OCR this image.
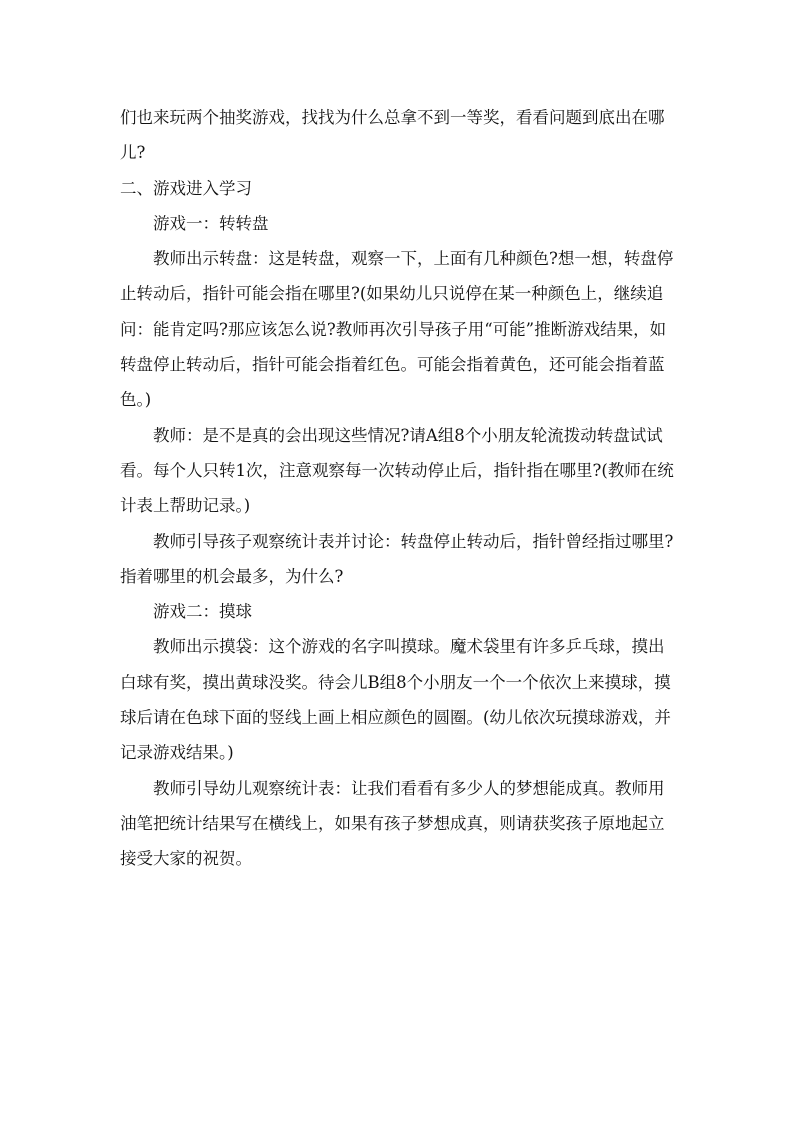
们也来玩两个抽奖游戏，找找为什么总拿不到一等奖，看看问题到底出在哪儿?

二、游戏进入学习

游戏一：转转盘

教师出示转盘：这是转盘，观察一下，上面有几种颜色?想一想，转盘停止转动后，指针可能会指在哪里?(如果幼儿只说停在某一种颜色上，继续追问：能肯定吗?那应该怎么说?教师再次引导孩子用“可能”推断游戏结果，如转盘停止转动后，指针可能会指着红色。可能会指着黄色，还可能会指着蓝色。)

教师：是不是真的会出现这些情况?请A组8个小朋友轮流拨动转盘试试看。每个人只转1次，注意观察每一次转动停止后，指针指在哪里?(教师在统计表上帮助记录。)

教师引导孩子观察统计表并讨论：转盘停止转动后，指针曾经指过哪里?指着哪里的机会最多，为什么?

游戏二：摸球

教师出示摸袋：这个游戏的名字叫摸球。魔术袋里有许多乒乓球，摸出白球有奖，摸出黄球没奖。待会儿B组8个小朋友一个一个依次上来摸球，摸球后请在色球下面的竖线上画上相应颜色的圆圈。(幼儿依次玩摸球游戏，并记录游戏结果。)

教师引导幼儿观察统计表：让我们看看有多少人的梦想能成真。教师用油笔把统计结果写在横线上，如果有孩子梦想成真，则请获奖孩子原地起立接受大家的祝贺。
